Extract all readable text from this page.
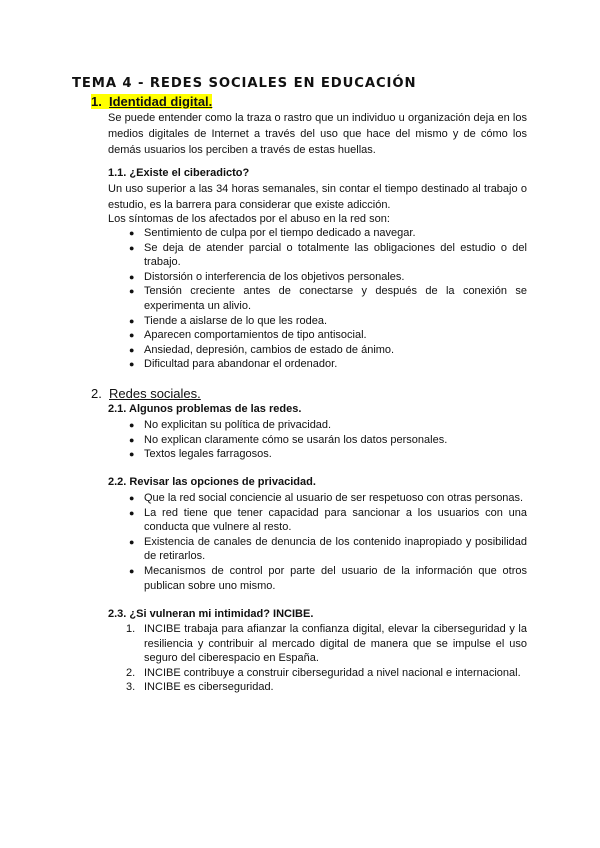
TEMA 4 - REDES SOCIALES EN EDUCACIÓN
1. Identidad digital.
Se puede entender como la traza o rastro que un individuo u organización deja en los medios digitales de Internet a través del uso que hace del mismo y de cómo los demás usuarios los perciben a través de estas huellas.
1.1. ¿Existe el ciberadicto?
Un uso superior a las 34 horas semanales, sin contar el tiempo destinado al trabajo o estudio, es la barrera para considerar que existe adicción.
Los síntomas de los afectados por el abuso en la red son:
● Sentimiento de culpa por el tiempo dedicado a navegar.
● Se deja de atender parcial o totalmente las obligaciones del estudio o del trabajo.
● Distorsión o interferencia de los objetivos personales.
● Tensión creciente antes de conectarse y después de la conexión se experimenta un alivio.
● Tiende a aislarse de lo que les rodea.
● Aparecen comportamientos de tipo antisocial.
● Ansiedad, depresión, cambios de estado de ánimo.
● Dificultad para abandonar el ordenador.
2. Redes sociales.
2.1. Algunos problemas de las redes.
● No explicitan su política de privacidad.
● No explican claramente cómo se usarán los datos personales.
● Textos legales farragosos.
2.2. Revisar las opciones de privacidad.
● Que la red social conciencie al usuario de ser respetuoso con otras personas.
● La red tiene que tener capacidad para sancionar a los usuarios con una conducta que vulnere al resto.
● Existencia de canales de denuncia de los contenido inapropiado y posibilidad de retirarlos.
● Mecanismos de control por parte del usuario de la información que otros publican sobre uno mismo.
2.3. ¿Si vulneran mi intimidad? INCIBE.
1. INCIBE trabaja para afianzar la confianza digital, elevar la ciberseguridad y la resiliencia y contribuir al mercado digital de manera que se impulse el uso seguro del ciberespacio en España.
2. INCIBE contribuye a construir ciberseguridad a nivel nacional e internacional.
3. INCIBE es ciberseguridad.
